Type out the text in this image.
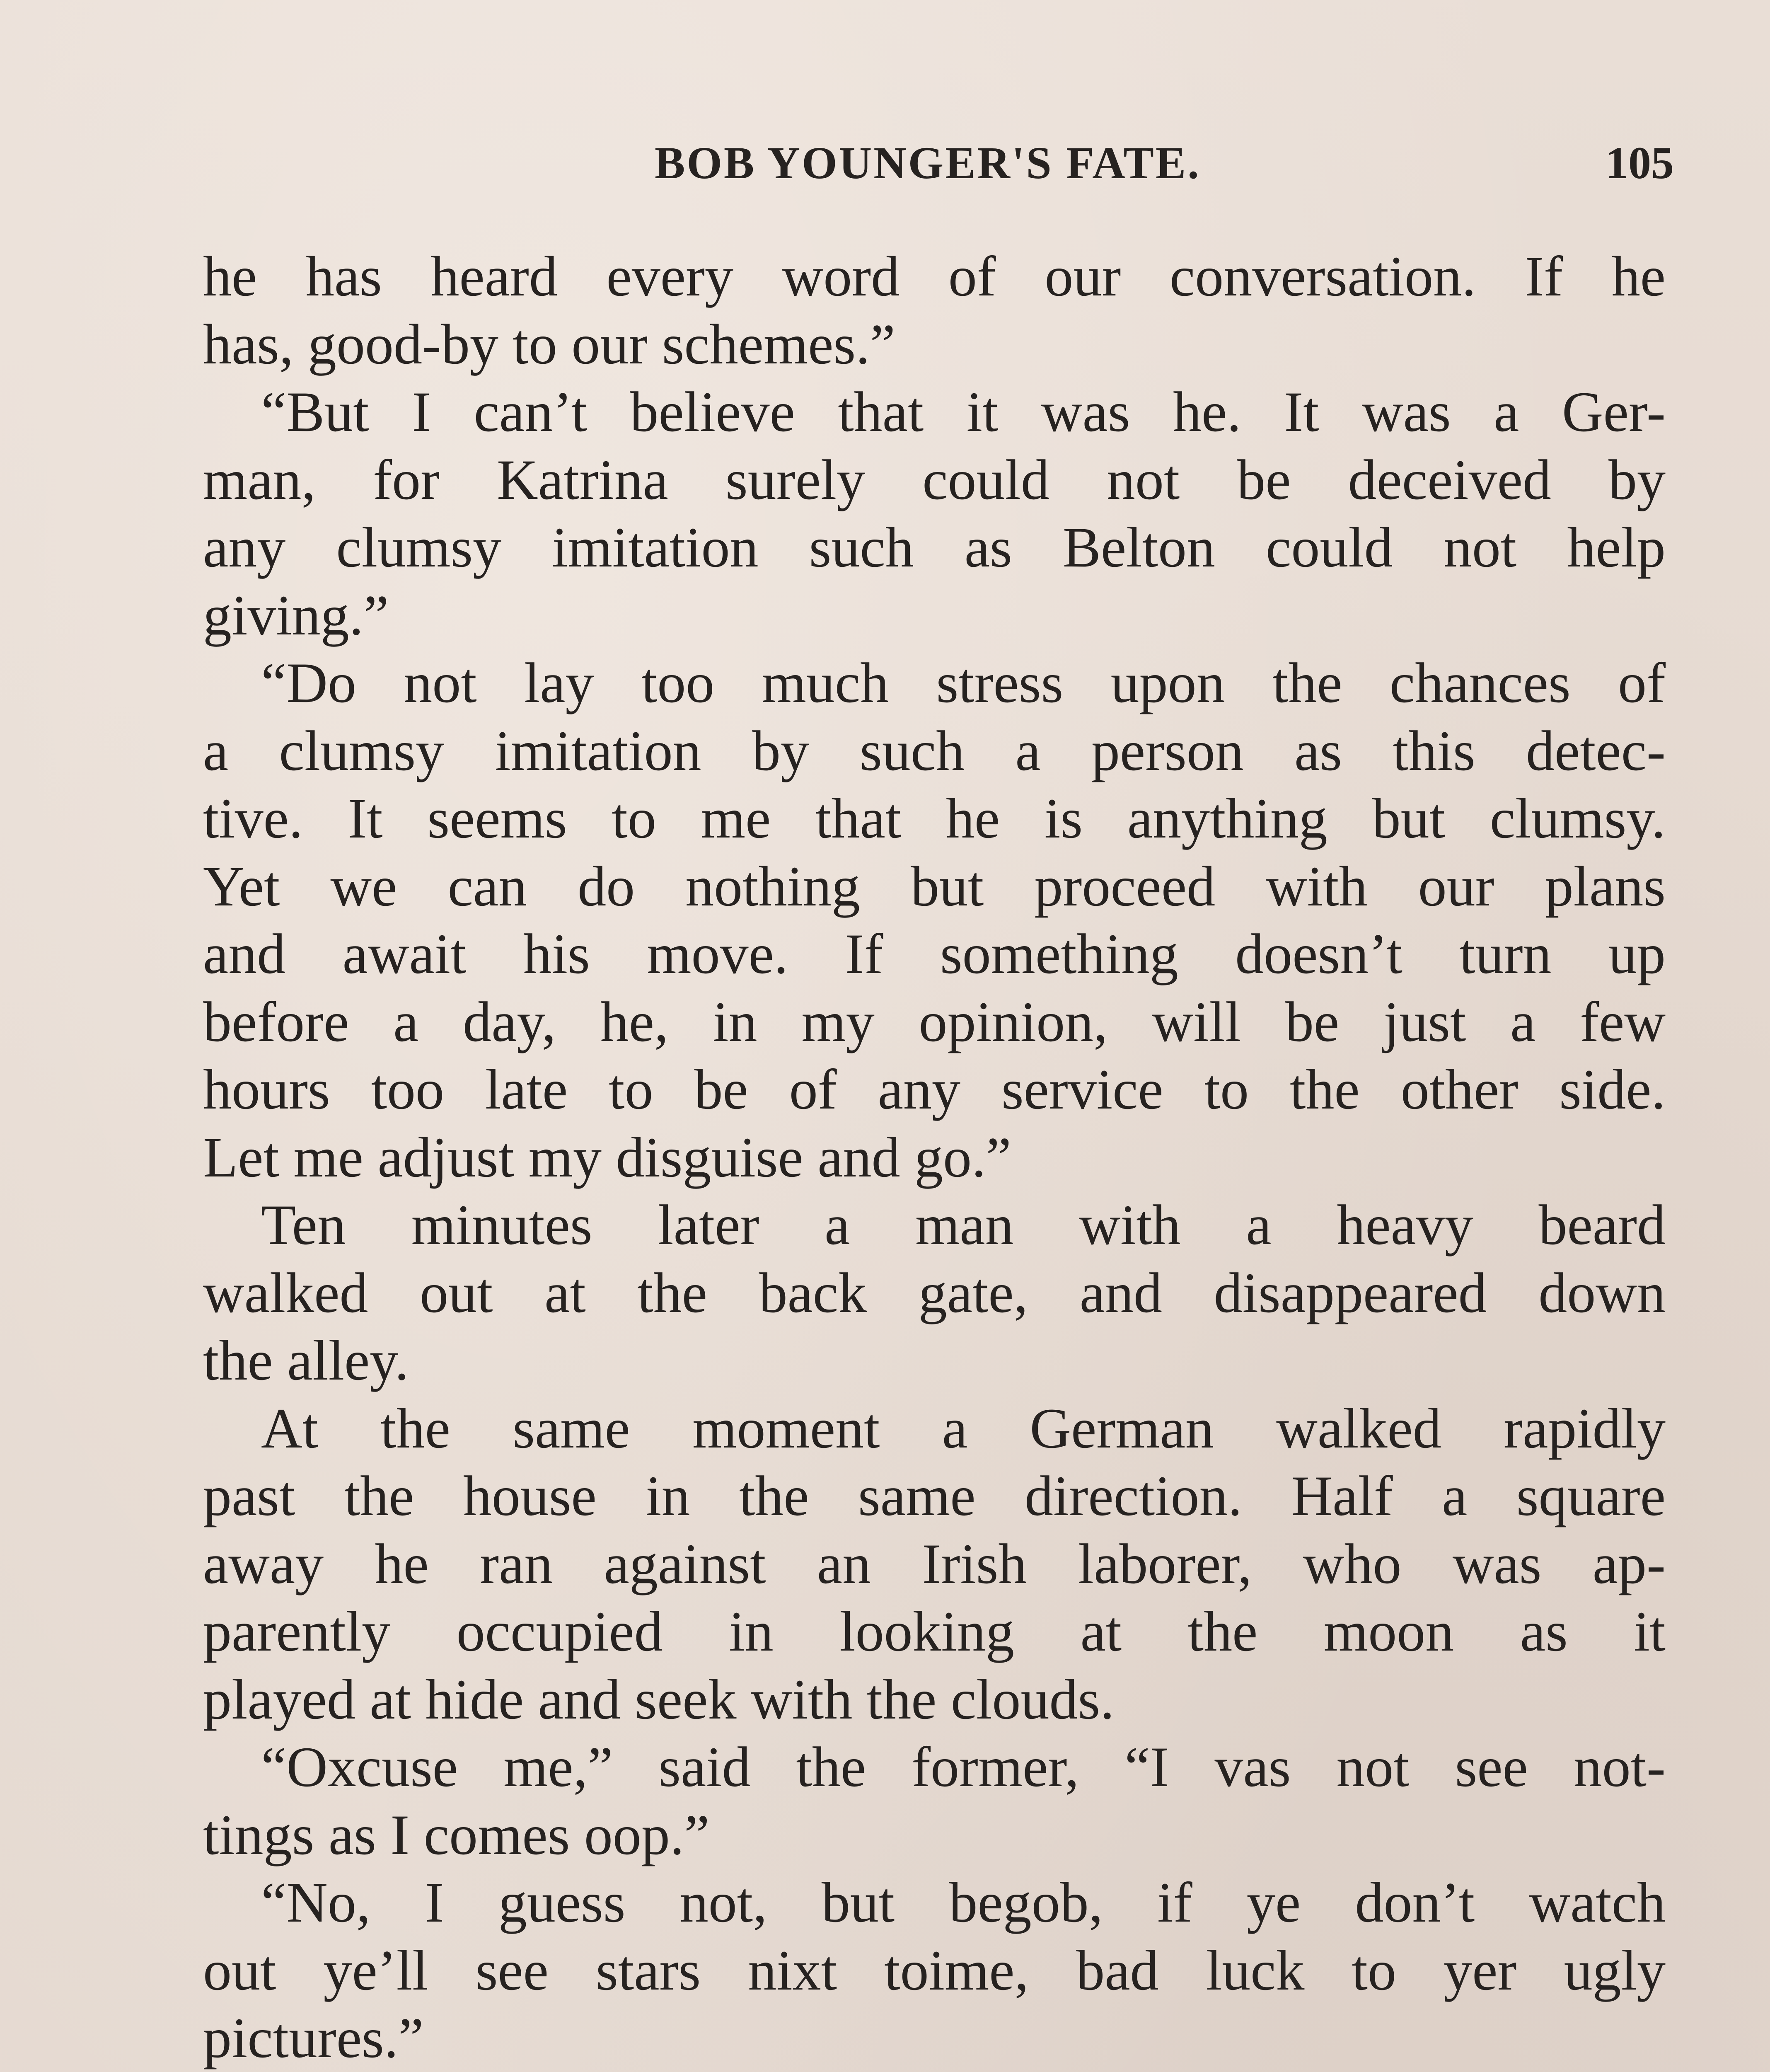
BOB YOUNGER'S FATE.	105
he has heard every word of our conversation. If he
has, good-by to our schemes.”
“But I can’t believe that it was he. It was a Ger-
man, for Katrina surely could not be deceived by
any clumsy imitation such as Belton could not help
giving.”
“Do not lay too much stress upon the chances of
a clumsy imitation by such a person as this detec-
tive. It seems to me that he is anything but clumsy.
Yet we can do nothing but proceed with our plans
and await his move. If something doesn’t turn up
before a day, he, in my opinion, will be just a few
hours too late to be of any service to the other side.
Let me adjust my disguise and go.”
Ten minutes later a man with a heavy beard
walked out at the back gate, and disappeared down
the alley.
At the same moment a German walked rapidly
past the house in the same direction. Half a square
away he ran against an Irish laborer, who was ap-
parently occupied in looking at the moon as it
played at hide and seek with the clouds.
“Oxcuse me,” said the former, “I vas not see not-
tings as I comes oop.”
“No, I guess not, but begob, if ye don’t watch
out ye’ll see stars nixt toime, bad luck to yer ugly
pictures.”
